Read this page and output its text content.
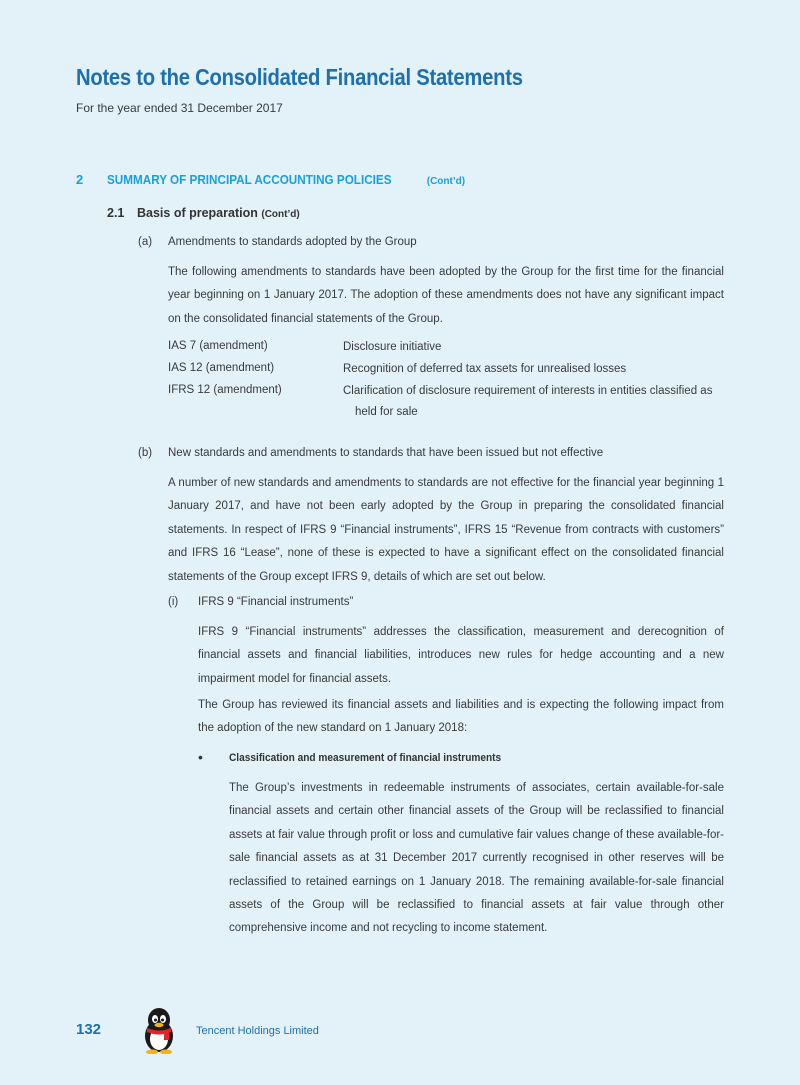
Notes to the Consolidated Financial Statements
For the year ended 31 December 2017
2 SUMMARY OF PRINCIPAL ACCOUNTING POLICIES	(Cont’d)
2.1 Basis of preparation (Cont’d)
(a) Amendments to standards adopted by the Group
The following amendments to standards have been adopted by the Group for the first time for the financial year beginning on 1 January 2017. The adoption of these amendments does not have any significant impact on the consolidated financial statements of the Group.
IAS 7 (amendment)	Disclosure initiative
IAS 12 (amendment)	Recognition of deferred tax assets for unrealised losses
IFRS 12 (amendment)	Clarification of disclosure requirement of interests in entities classified as
held for sale
(b) New standards and amendments to standards that have been issued but not effective
A number of new standards and amendments to standards are not effective for the financial year beginning 1 January 2017, and have not been early adopted by the Group in preparing the consolidated financial statements. In respect of IFRS 9 “Financial instruments”, IFRS 15 “Revenue from contracts with customers” and IFRS 16 “Lease”, none of these is expected to have a significant effect on the consolidated financial statements of the Group except IFRS 9, details of which are set out below.
(i) IFRS 9 “Financial instruments”
IFRS 9 “Financial instruments” addresses the classification, measurement and derecognition of financial assets and financial liabilities, introduces new rules for hedge accounting and a new impairment model for financial assets.
The Group has reviewed its financial assets and liabilities and is expecting the following impact from the adoption of the new standard on 1 January 2018:
• Classification and measurement of financial instruments
The Group’s investments in redeemable instruments of associates, certain available-for-sale financial assets and certain other financial assets of the Group will be reclassified to financial assets at fair value through profit or loss and cumulative fair values change of these available-for-sale financial assets as at 31 December 2017 currently recognised in other reserves will be reclassified to retained earnings on 1 January 2018. The remaining available-for-sale financial assets of the Group will be reclassified to financial assets at fair value through other comprehensive income and not recycling to income statement.
132	Tencent Holdings Limited
